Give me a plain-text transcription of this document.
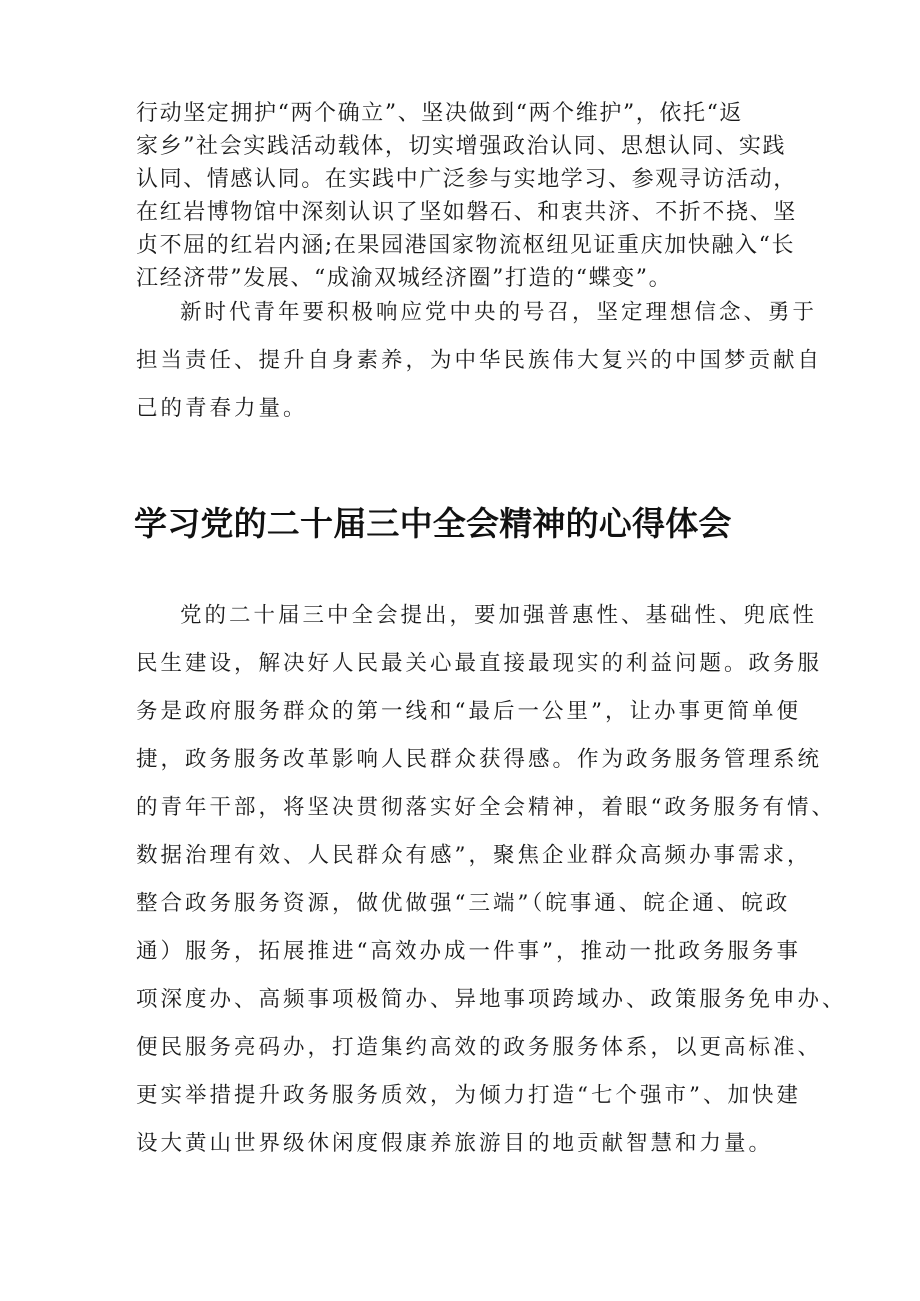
行动坚定拥护“两个确立”、坚决做到“两个维护”，依托“返

家乡”社会实践活动载体，切实增强政治认同、思想认同、实践

认同、情感认同。在实践中广泛参与实地学习、参观寻访活动，

在红岩博物馆中深刻认识了坚如磐石、和衷共济、不折不挠、坚

贞不屈的红岩内涵;在果园港国家物流枢纽见证重庆加快融入“长

江经济带”发展、“成渝双城经济圈”打造的“蝶变”。

新时代青年要积极响应党中央的号召，坚定理想信念、勇于

担当责任、提升自身素养，为中华民族伟大复兴的中国梦贡献自

己的青春力量。

学习党的二十届三中全会精神的心得体会

党的二十届三中全会提出，要加强普惠性、基础性、兜底性

民生建设，解决好人民最关心最直接最现实的利益问题。政务服

务是政府服务群众的第一线和“最后一公里”，让办事更简单便

捷，政务服务改革影响人民群众获得感。作为政务服务管理系统

的青年干部，将坚决贯彻落实好全会精神，着眼“政务服务有情、

数据治理有效、人民群众有感”，聚焦企业群众高频办事需求，

整合政务服务资源，做优做强“三端”（皖事通、皖企通、皖政

通）服务，拓展推进“高效办成一件事”，推动一批政务服务事

项深度办、高频事项极简办、异地事项跨域办、政策服务免申办、

便民服务亮码办，打造集约高效的政务服务体系，以更高标准、

更实举措提升政务服务质效，为倾力打造“七个强市”、加快建

设大黄山世界级休闲度假康养旅游目的地贡献智慧和力量。
